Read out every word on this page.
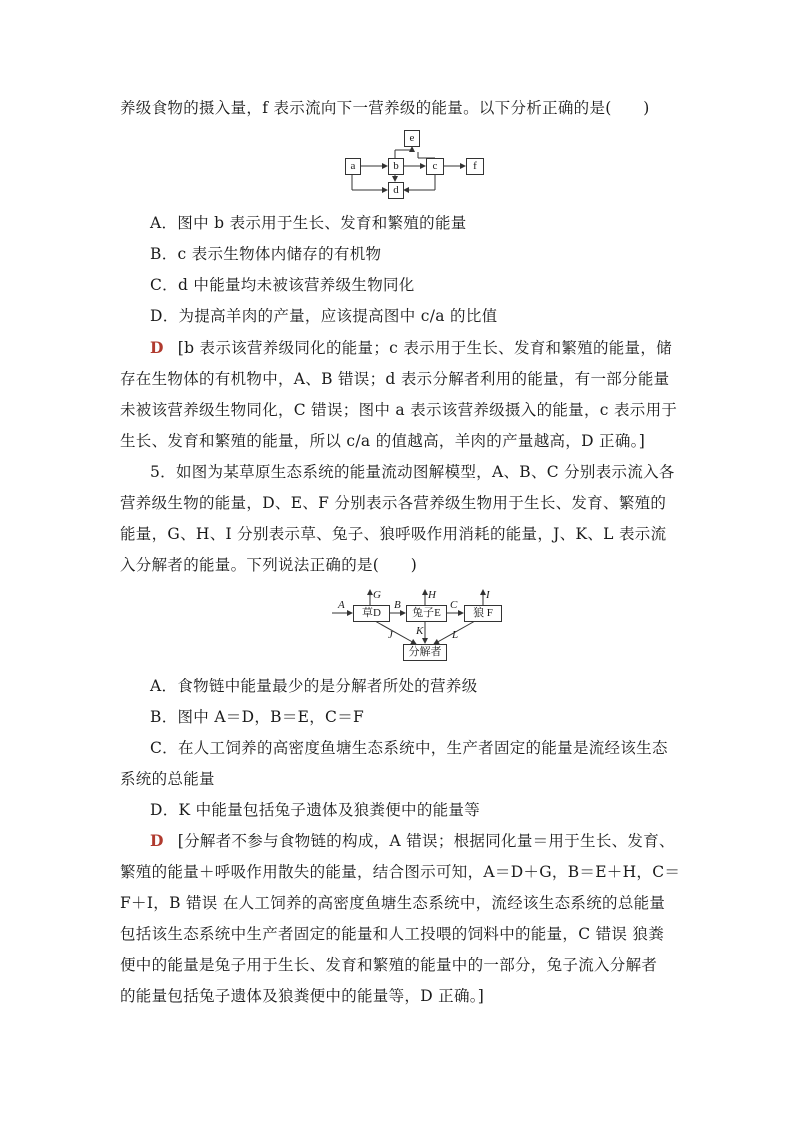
养级食物的摄入量，f 表示流向下一营养级的能量。以下分析正确的是(　　)
a	b	c	f
e
d
A．图中 b 表示用于生长、发育和繁殖的能量
B．c 表示生物体内储存的有机物
C．d 中能量均未被该营养级生物同化
D．为提高羊肉的产量，应该提高图中 c/a 的比值
D [b 表示该营养级同化的能量；c 表示用于生长、发育和繁殖的能量，储
存在生物体的有机物中，A、B 错误；d 表示分解者利用的能量，有一部分能量
未被该营养级生物同化，C 错误；图中 a 表示该营养级摄入的能量，c 表示用于
生长、发育和繁殖的能量，所以 c/a 的值越高，羊肉的产量越高，D 正确。]
5．如图为某草原生态系统的能量流动图解模型，A、B、C 分别表示流入各
营养级生物的能量，D、E、F 分别表示各营养级生物用于生长、发育、繁殖的
能量，G、H、I 分别表示草、兔子、狼呼吸作用消耗的能量，J、K、L 表示流
入分解者的能量。下列说法正确的是(　　)
草D	兔子E	狼 F
分解者
A	B	C
G	H	I
J K	L
A．食物链中能量最少的是分解者所处的营养级
B．图中 A＝D，B＝E，C＝F
C．在人工饲养的高密度鱼塘生态系统中，生产者固定的能量是流经该生态
系统的总能量
D．K 中能量包括兔子遗体及狼粪便中的能量等
D [分解者不参与食物链的构成，A 错误；根据同化量＝用于生长、发育、
繁殖的能量＋呼吸作用散失的能量，结合图示可知，A＝D＋G，B＝E＋H，C＝
F＋I，B 错误 在人工饲养的高密度鱼塘生态系统中，流经该生态系统的总能量
包括该生态系统中生产者固定的能量和人工投喂的饲料中的能量，C 错误 狼粪
便中的能量是兔子用于生长、发育和繁殖的能量中的一部分，兔子流入分解者
的能量包括兔子遗体及狼粪便中的能量等，D 正确。]
